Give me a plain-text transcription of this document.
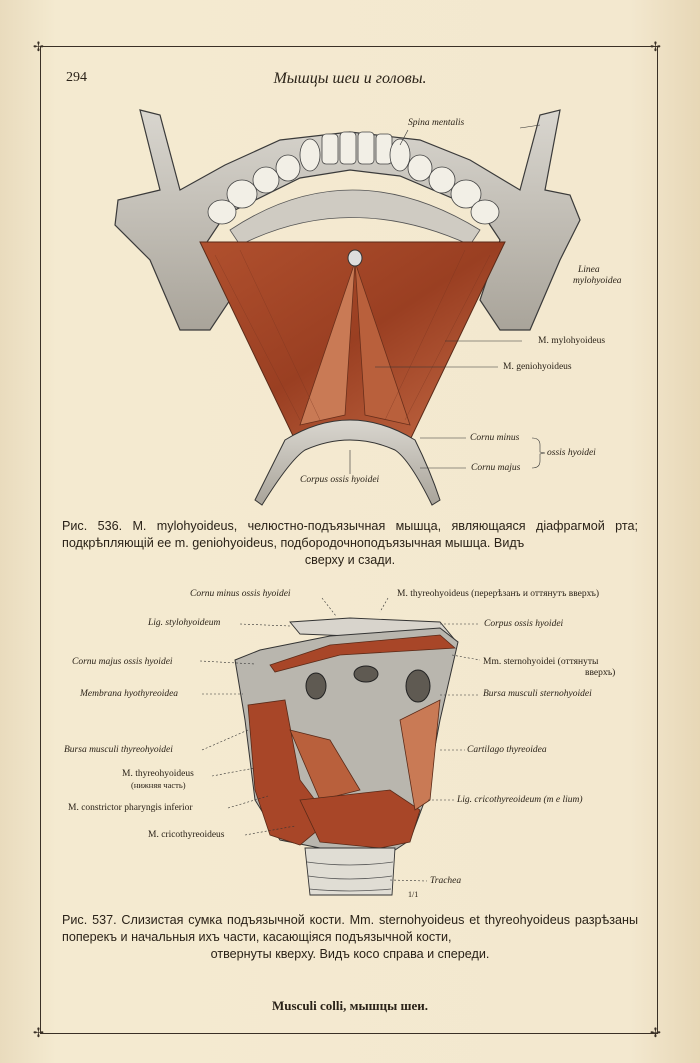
✢	✢
✢	✢
294	Мышцы шеи и головы.
Spina mentalis
Linea
mylohyoidea
M. mylohyoideus
M. geniohyoideus
Cornu minus
Cornu majus
ossis hyoidei
Corpus ossis hyoidei
Рис. 536. M. mylohyoideus, челюстно-подъязычная мышца, являющаяся діафрагмой рта; подкрѣпляющій ее m. geniohyoideus, подбородочноподъязычная мышца. Видъ
сверху и сзади.
Cornu minus ossis hyoidei	M. thyreohyoideus (перерѣзанъ и оттянутъ вверхъ)
Lig. stylohyoideum	Corpus ossis hyoidei
Cornu majus ossis hyoidei	Mm. sternohyoidei (оттянуты
вверхъ)
Membrana hyothyreoidea	Bursa musculi sternohyoidei
Bursa musculi thyreohyoidei	Cartilago thyreoidea
M. thyreohyoideus
(нижняя часть)
Lig. cricothyreoideum (m e lium)
M. constrictor pharyngis inferior
M. cricothyreoideus
Trachea
1/1
Рис. 537. Слизистая сумка подъязычной кости. Mm. sternohyoideus et thyreohyoideus разрѣзаны поперекъ и начальныя ихъ части, касающіяся подъязычной кости,
отвернуты кверху. Видъ косо справа и спереди.
Musculi colli, мышцы шеи.
